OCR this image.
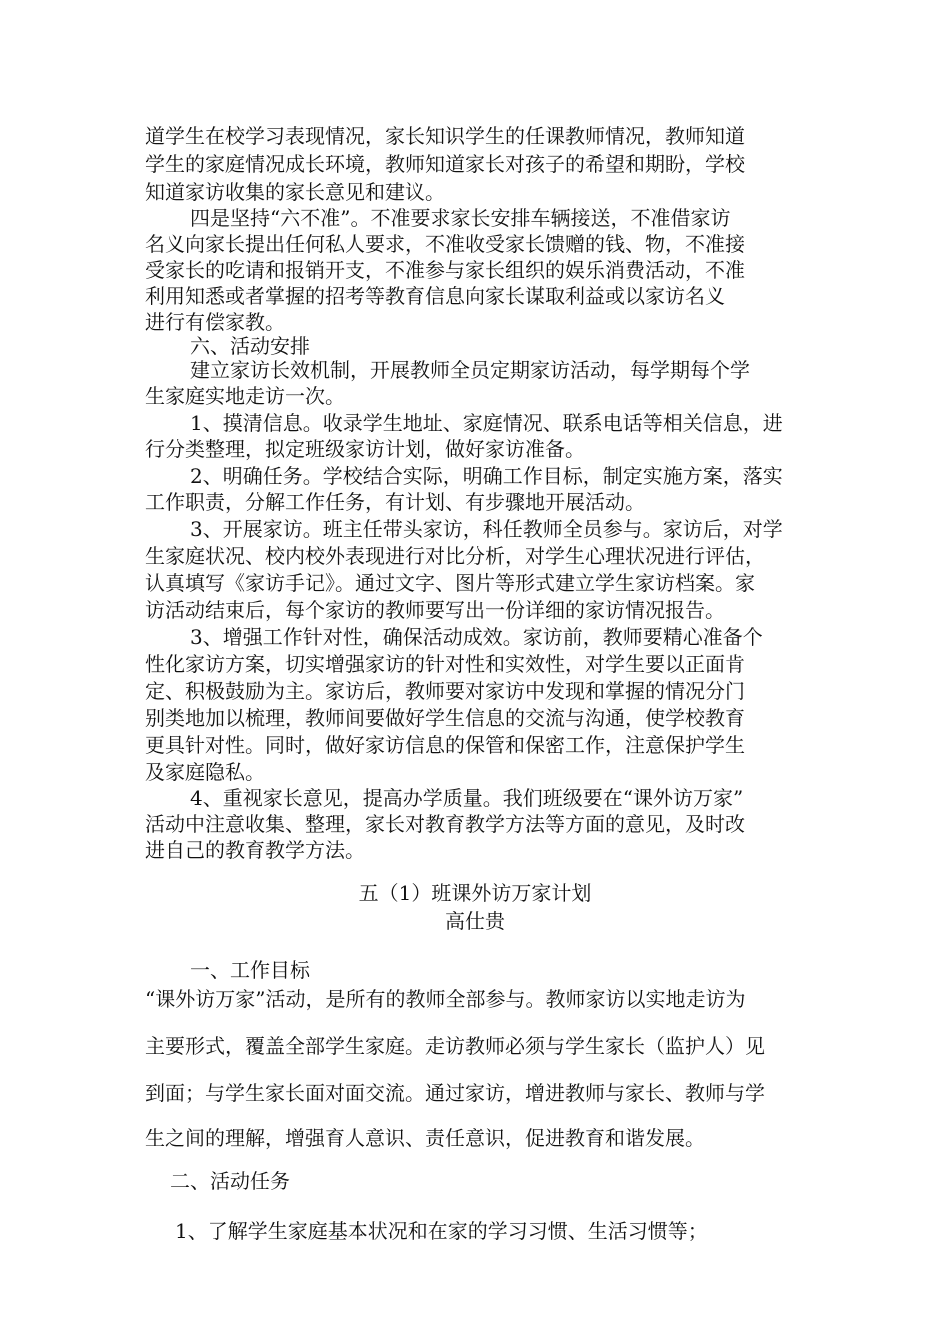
道学生在校学习表现情况，家长知识学生的任课教师情况，教师知道
学生的家庭情况成长环境，教师知道家长对孩子的希望和期盼，学校
知道家访收集的家长意见和建议。
四是坚持“六不准”。不准要求家长安排车辆接送，不准借家访
名义向家长提出任何私人要求，不准收受家长馈赠的钱、物，不准接
受家长的吃请和报销开支，不准参与家长组织的娱乐消费活动，不准
利用知悉或者掌握的招考等教育信息向家长谋取利益或以家访名义
进行有偿家教。
六、活动安排
建立家访长效机制，开展教师全员定期家访活动，每学期每个学
生家庭实地走访一次。
1、摸清信息。收录学生地址、家庭情况、联系电话等相关信息，进
行分类整理，拟定班级家访计划，做好家访准备。
2、明确任务。学校结合实际，明确工作目标，制定实施方案，落实
工作职责，分解工作任务，有计划、有步骤地开展活动。
3、开展家访。班主任带头家访，科任教师全员参与。家访后，对学
生家庭状况、校内校外表现进行对比分析，对学生心理状况进行评估，
认真填写《家访手记》。通过文字、图片等形式建立学生家访档案。家
访活动结束后，每个家访的教师要写出一份详细的家访情况报告。
3、增强工作针对性，确保活动成效。家访前，教师要精心准备个
性化家访方案，切实增强家访的针对性和实效性，对学生要以正面肯
定、积极鼓励为主。家访后，教师要对家访中发现和掌握的情况分门
别类地加以梳理，教师间要做好学生信息的交流与沟通，使学校教育
更具针对性。同时，做好家访信息的保管和保密工作，注意保护学生
及家庭隐私。
4、重视家长意见，提高办学质量。我们班级要在“课外访万家”
活动中注意收集、整理，家长对教育教学方法等方面的意见，及时改
进自己的教育教学方法。
五（1）班课外访万家计划
高仕贵
一、工作目标
“课外访万家”活动，是所有的教师全部参与。教师家访以实地走访为
主要形式，覆盖全部学生家庭。走访教师必须与学生家长（监护人）见
到面；与学生家长面对面交流。通过家访，增进教师与家长、教师与学
生之间的理解，增强育人意识、责任意识，促进教育和谐发展。
二、活动任务
1、了解学生家庭基本状况和在家的学习习惯、生活习惯等；
